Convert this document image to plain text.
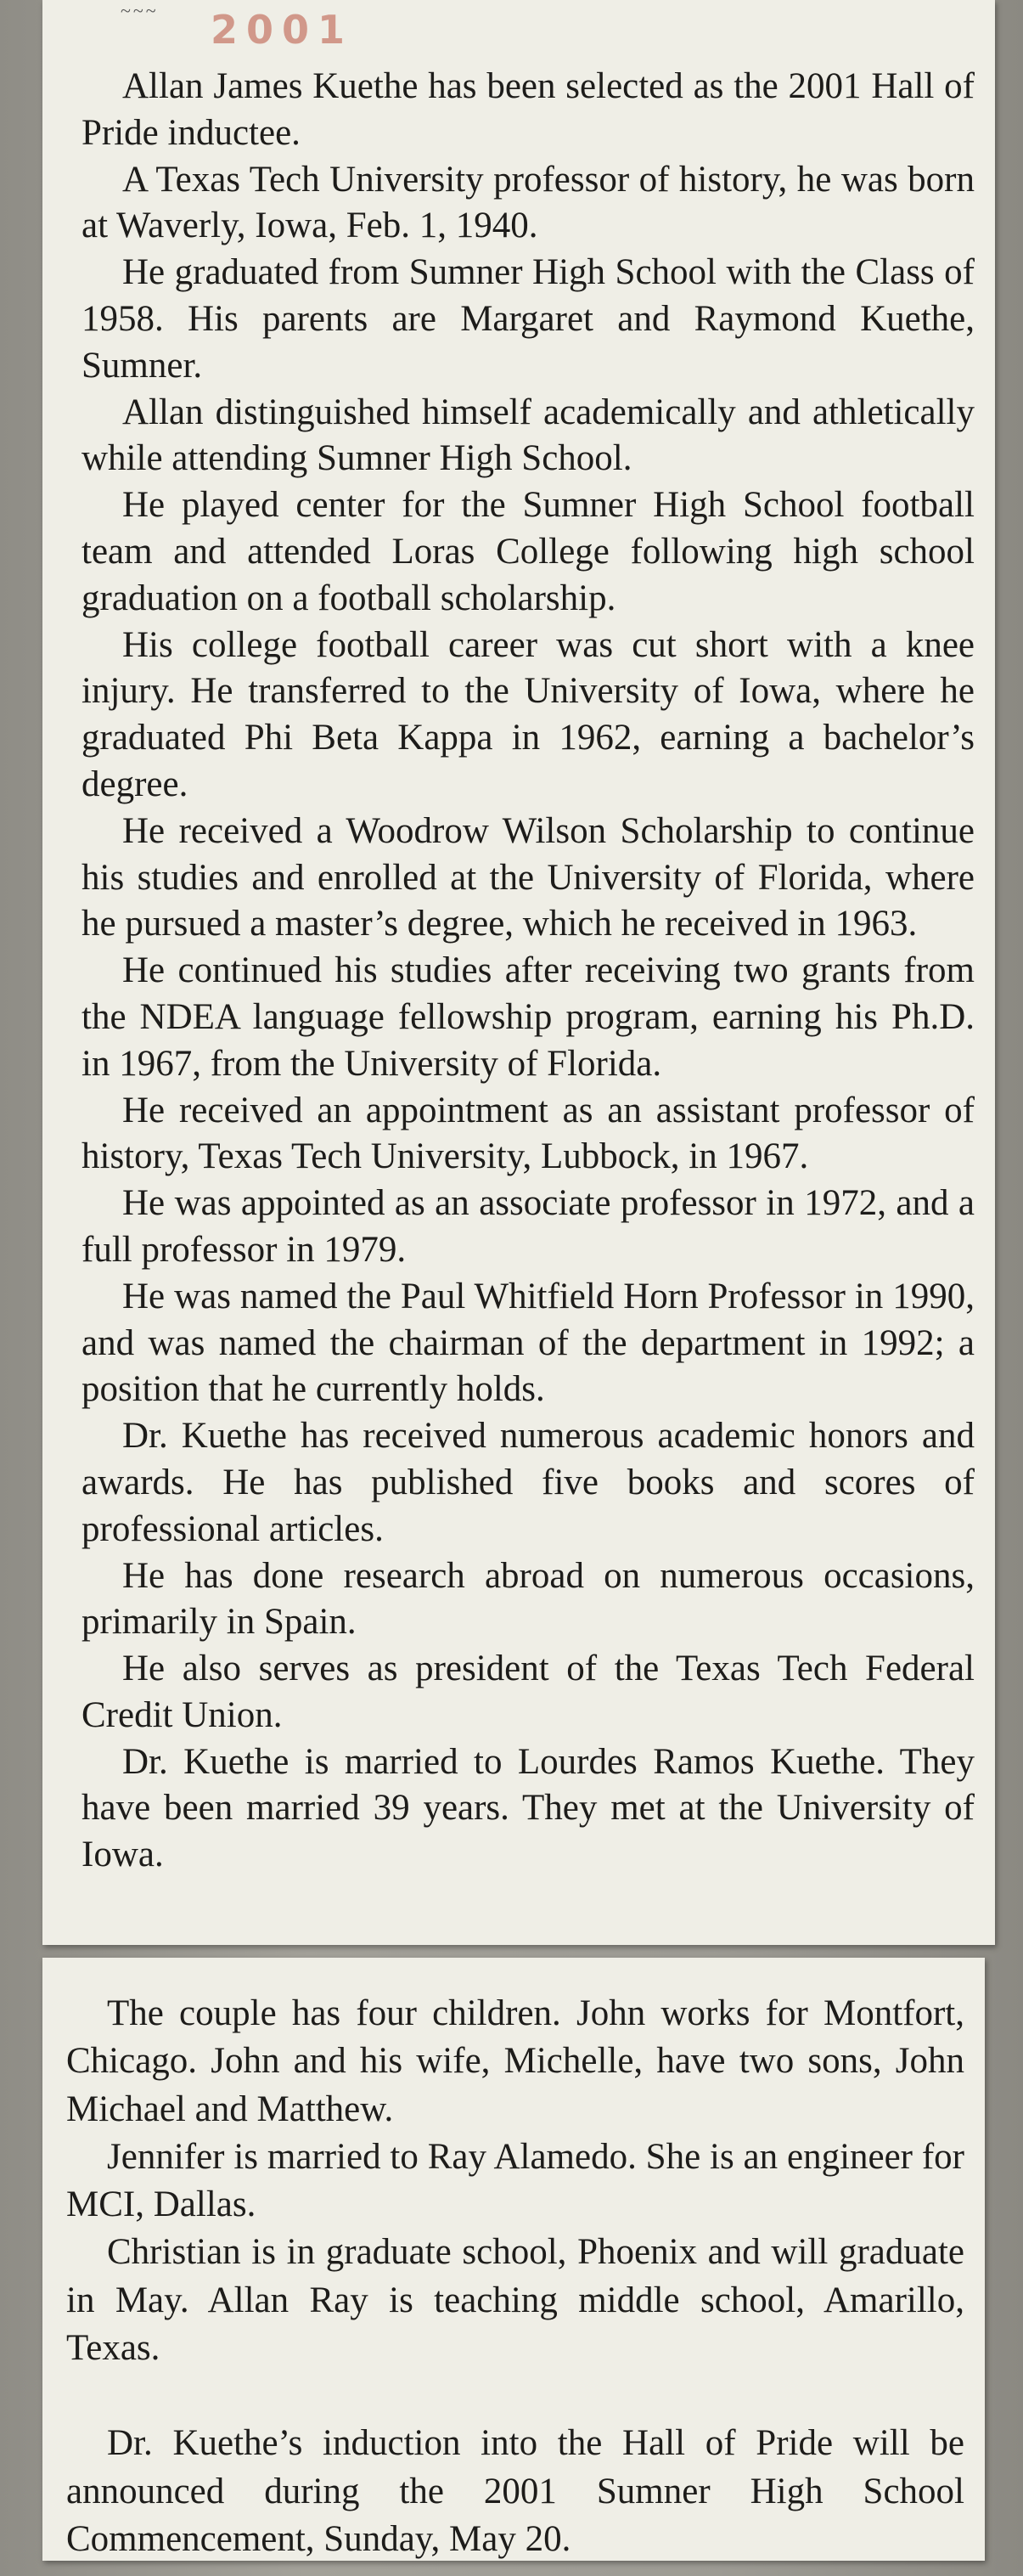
~~~ 2001

Allan James Kuethe has been selected as the 2001 Hall of Pride inductee.

A Texas Tech University professor of history, he was born at Waverly, Iowa, Feb. 1, 1940.

He graduated from Sumner High School with the Class of 1958. His parents are Margaret and Raymond Kuethe, Sumner.

Allan distinguished himself academically and athletically while attending Sumner High School.

He played center for the Sumner High School football team and attended Loras College following high school graduation on a football scholarship.

His college football career was cut short with a knee injury. He transferred to the University of Iowa, where he graduated Phi Beta Kappa in 1962, earning a bachelor’s degree.

He received a Woodrow Wilson Scholarship to continue his studies and enrolled at the University of Florida, where he pursued a master’s degree, which he received in 1963.

He continued his studies after receiving two grants from the NDEA language fellowship program, earning his Ph.D. in 1967, from the University of Florida.

He received an appointment as an assistant professor of history, Texas Tech University, Lubbock, in 1967.

He was appointed as an associate professor in 1972, and a full professor in 1979.

He was named the Paul Whitfield Horn Professor in 1990, and was named the chairman of the department in 1992; a position that he currently holds.

Dr. Kuethe has received numerous academic honors and awards. He has published five books and scores of professional articles.

He has done research abroad on numerous occasions, primarily in Spain.

He also serves as president of the Texas Tech Federal Credit Union.

Dr. Kuethe is married to Lourdes Ramos Kuethe. They have been married 39 years. They met at the University of Iowa.

The couple has four children. John works for Montfort, Chicago. John and his wife, Michelle, have two sons, John Michael and Matthew.

Jennifer is married to Ray Alamedo. She is an engineer for MCI, Dallas.

Christian is in graduate school, Phoenix and will graduate in May. Allan Ray is teaching middle school, Amarillo, Texas.

Dr. Kuethe’s induction into the Hall of Pride will be announced during the 2001 Sumner High School Commencement, Sunday, May 20.
